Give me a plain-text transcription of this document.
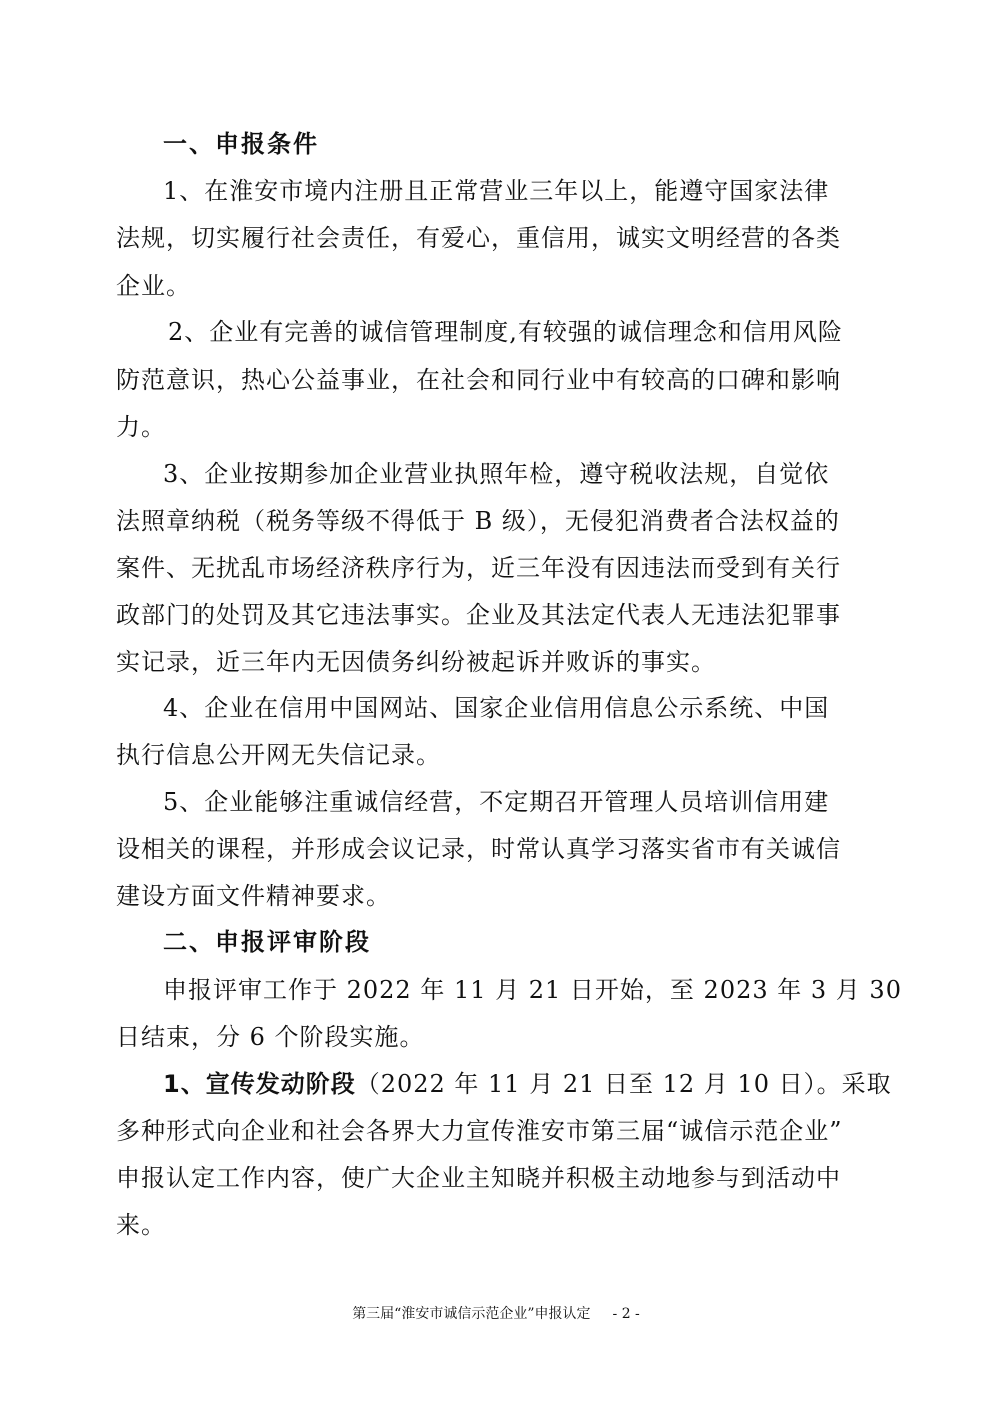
一、申报条件
1、在淮安市境内注册且正常营业三年以上，能遵守国家法律
法规，切实履行社会责任，有爱心，重信用，诚实文明经营的各类
企业。
2、企业有完善的诚信管理制度,有较强的诚信理念和信用风险
防范意识，热心公益事业，在社会和同行业中有较高的口碑和影响
力。
3、企业按期参加企业营业执照年检，遵守税收法规，自觉依
法照章纳税（税务等级不得低于 B 级），无侵犯消费者合法权益的
案件、无扰乱市场经济秩序行为，近三年没有因违法而受到有关行
政部门的处罚及其它违法事实。企业及其法定代表人无违法犯罪事
实记录，近三年内无因债务纠纷被起诉并败诉的事实。
4、企业在信用中国网站、国家企业信用信息公示系统、中国
执行信息公开网无失信记录。
5、企业能够注重诚信经营，不定期召开管理人员培训信用建
设相关的课程，并形成会议记录，时常认真学习落实省市有关诚信
建设方面文件精神要求。
二、申报评审阶段
申报评审工作于 2022 年 11 月 21 日开始，至 2023 年 3 月 30
日结束，分 6 个阶段实施。
1、宣传发动阶段（2022 年 11 月 21 日至 12 月 10 日）。采取
多种形式向企业和社会各界大力宣传淮安市第三届“诚信示范企业”
申报认定工作内容，使广大企业主知晓并积极主动地参与到活动中
来。
第三届“淮安市诚信示范企业”申报认定 - 2 -
